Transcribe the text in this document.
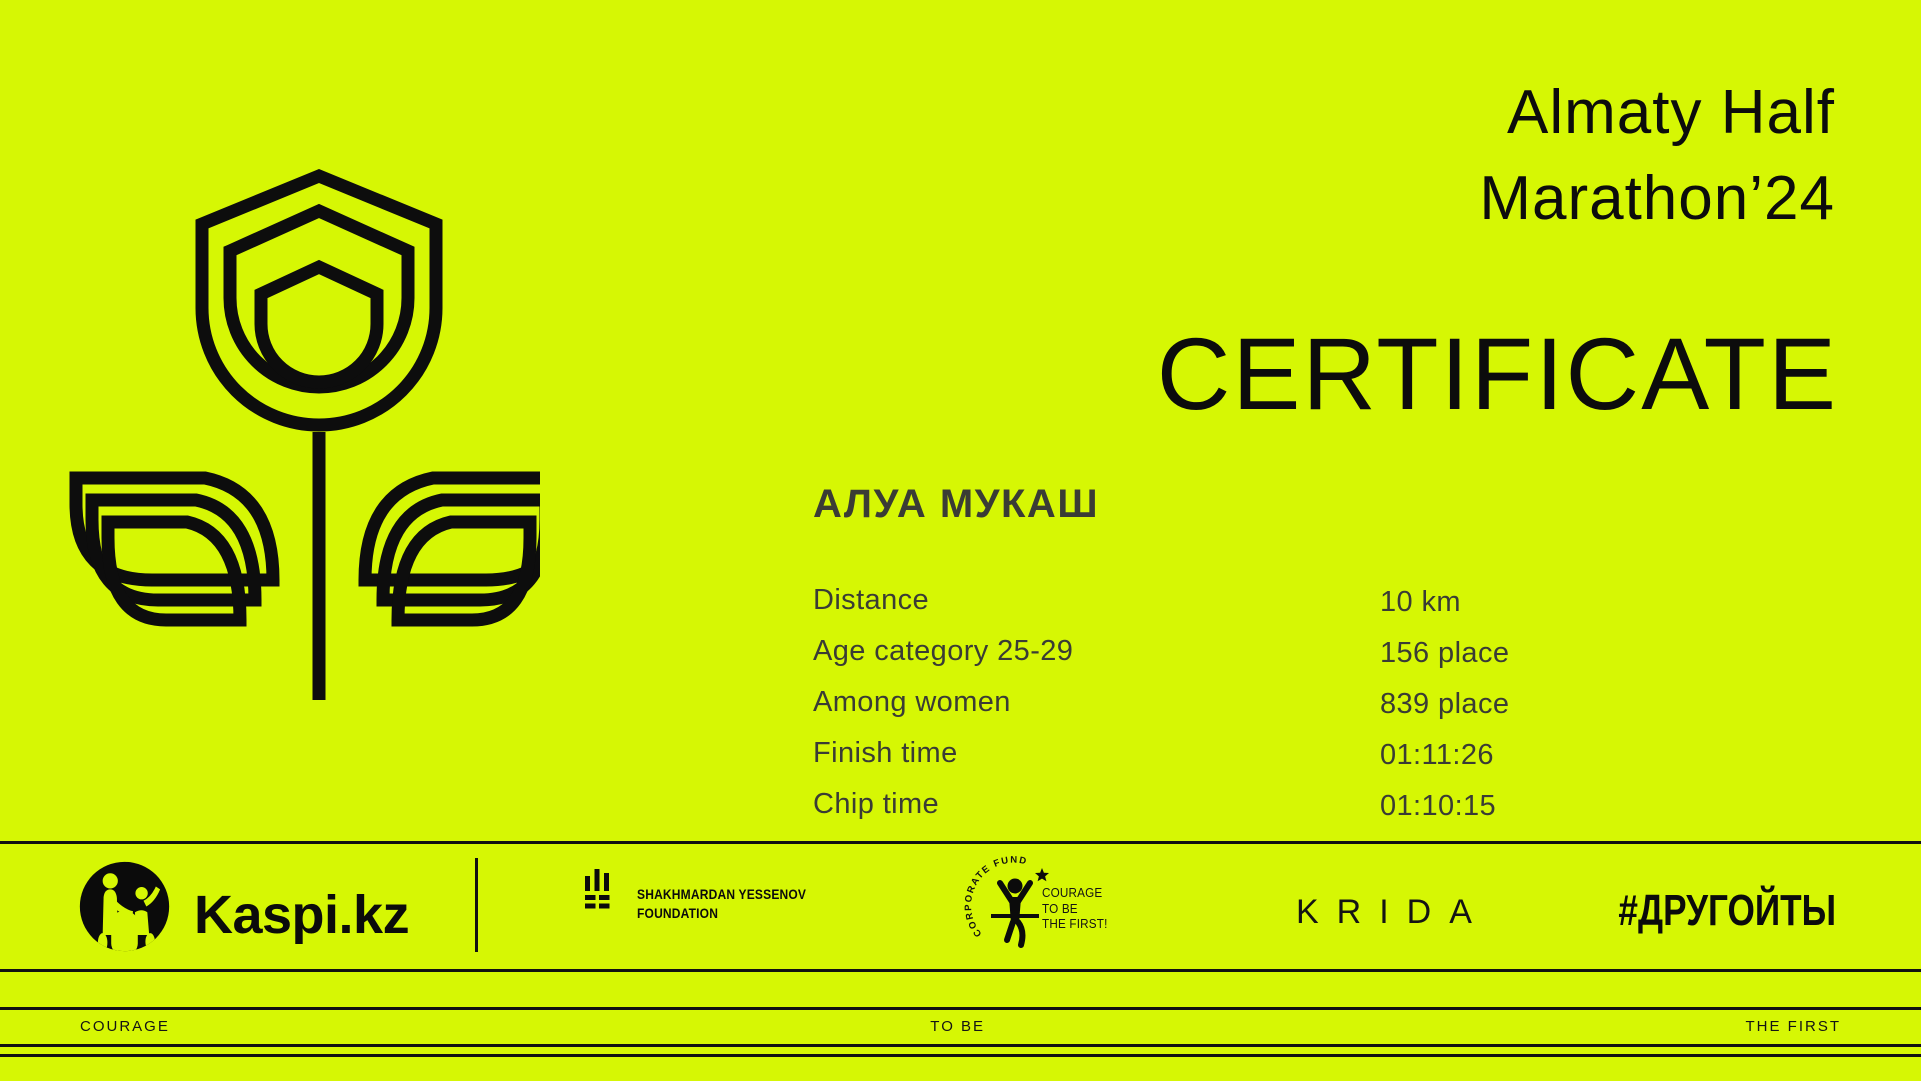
Almaty Half
Marathon’24
CERTIFICATE
АЛУА МУКАШ
Distance	10 km
Age category 25-29	156 place
Among women	839 place
Finish time	01:11:26
Chip time	01:10:15
Kaspi.kz	SHAKHMARDAN YESSENOV
FOUNDATION
CORPORATE FUND
COURAGE
TO BE
THE FIRST!	KRIDA	#ДРУГОЙТЫ
COURAGE	TO BE	THE FIRST
